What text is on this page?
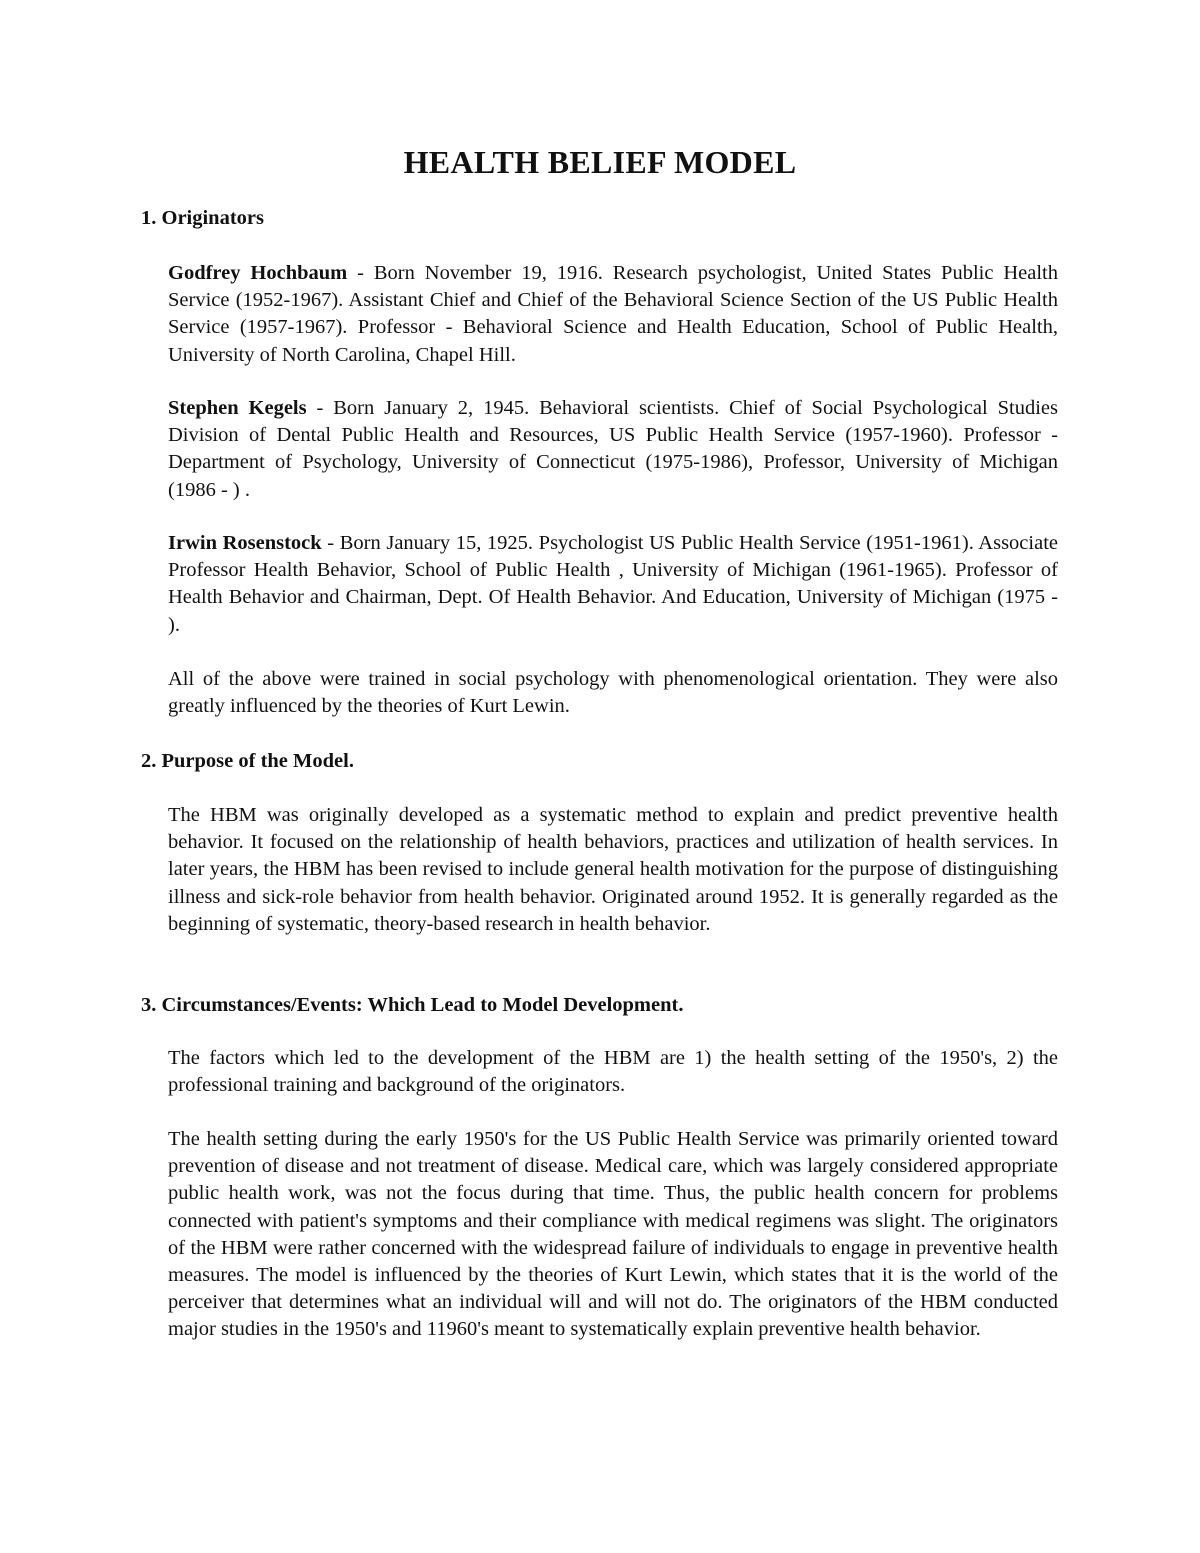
HEALTH BELIEF MODEL
1. Originators

Godfrey Hochbaum - Born November 19, 1916. Research psychologist, United States Public Health Service (1952-1967). Assistant Chief and Chief of the Behavioral Science Section of the US Public Health Service (1957-1967). Professor - Behavioral Science and Health Education, School of Public Health, University of North Carolina, Chapel Hill.

Stephen Kegels - Born January 2, 1945. Behavioral scientists. Chief of Social Psychological Studies Division of Dental Public Health and Resources, US Public Health Service (1957-1960). Professor - Department of Psychology, University of Connecticut (1975-1986), Professor, University of Michigan (1986 - ) .

Irwin Rosenstock - Born January 15, 1925. Psychologist US Public Health Service (1951-1961). Associate Professor Health Behavior, School of Public Health , University of Michigan (1961-1965). Professor of Health Behavior and Chairman, Dept. Of Health Behavior. And Education, University of Michigan (1975 - ).

All of the above were trained in social psychology with phenomenological orientation. They were also greatly influenced by the theories of Kurt Lewin.

2. Purpose of the Model.

The HBM was originally developed as a systematic method to explain and predict preventive health behavior. It focused on the relationship of health behaviors, practices and utilization of health services. In later years, the HBM has been revised to include general health motivation for the purpose of distinguishing illness and sick-role behavior from health behavior. Originated around 1952. It is generally regarded as the beginning of systematic, theory-based research in health behavior.

3. Circumstances/Events: Which Lead to Model Development.

The factors which led to the development of the HBM are 1) the health setting of the 1950's, 2) the professional training and background of the originators.

The health setting during the early 1950's for the US Public Health Service was primarily oriented toward prevention of disease and not treatment of disease. Medical care, which was largely considered appropriate public health work, was not the focus during that time. Thus, the public health concern for problems connected with patient's symptoms and their compliance with medical regimens was slight. The originators of the HBM were rather concerned with the widespread failure of individuals to engage in preventive health measures. The model is influenced by the theories of Kurt Lewin, which states that it is the world of the perceiver that determines what an individual will and will not do. The originators of the HBM conducted major studies in the 1950's and 11960's meant to systematically explain preventive health behavior.
